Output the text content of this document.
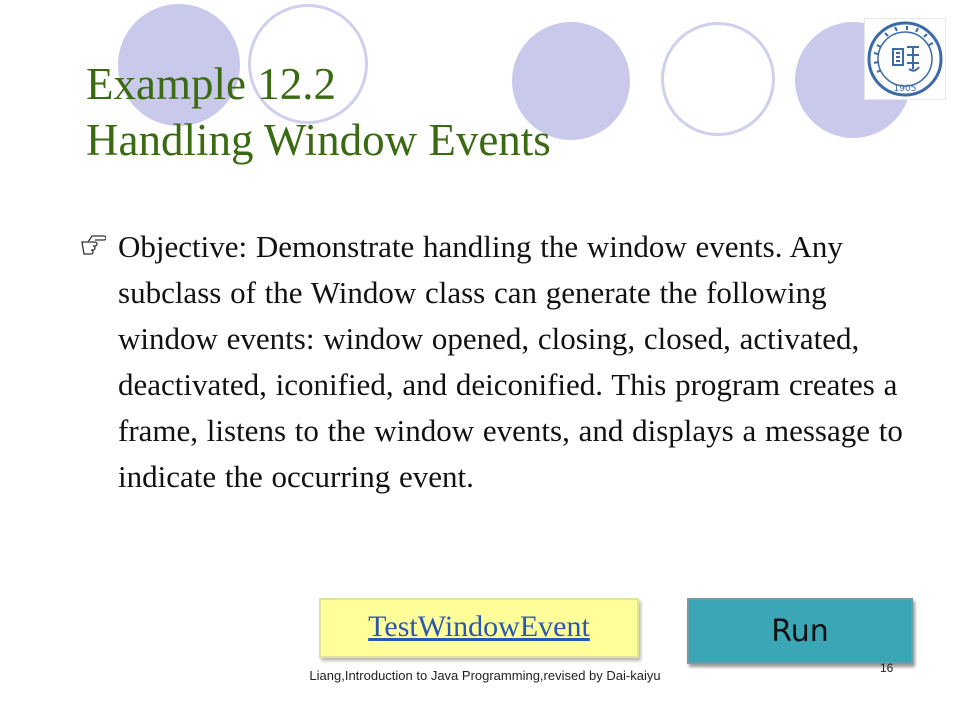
1905
Example 12.2
Handling Window Events
Objective: Demonstrate handling the window events. Any subclass of the Window class can generate the following window events: window opened, closing, closed, activated, deactivated, iconified, and deiconified. This program creates a frame, listens to the window events, and displays a message to indicate the occurring event.
TestWindowEvent	Run
Liang,Introduction to Java Programming,revised by Dai-kaiyu	16
